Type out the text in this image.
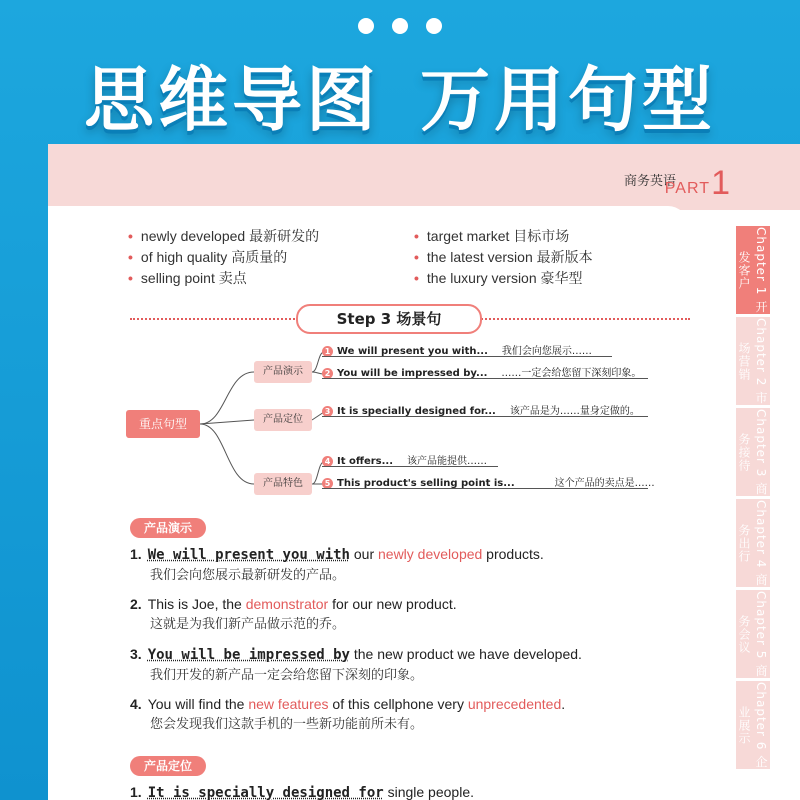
思维导图 万用句型
商务英语
PART 1
Chapter 1 开发客户
Chapter 2 市场营销
Chapter 3 商务接待
Chapter 4 商务出行
Chapter 5 商务会议
Chapter 6 企业展示
• newly developed 最新研发的
• of high quality 高质量的
• selling point 卖点
• target market 目标市场
• the latest version 最新版本
• the luxury version 豪华型
Step 3 场景句
重点句型
产品演示
产品定位
产品特色
1 We will present you with... 我们会向您展示……
2 You will be impressed by... ……一定会给您留下深刻印象。
3 It is specially designed for... 该产品是为……量身定做的。
4 It offers... 该产品能提供……
5 This product's selling point is...	这个产品的卖点是……
产品演示
1. We will present you with our newly developed products.
我们会向您展示最新研发的产品。
2. This is Joe, the demonstrator for our new product.
这就是为我们新产品做示范的乔。
3. You will be impressed by the new product we have developed.
我们开发的新产品一定会给您留下深刻的印象。
4. You will find the new features of this cellphone very unprecedented.
您会发现我们这款手机的一些新功能前所未有。
产品定位
1. It is specially designed for single people.
